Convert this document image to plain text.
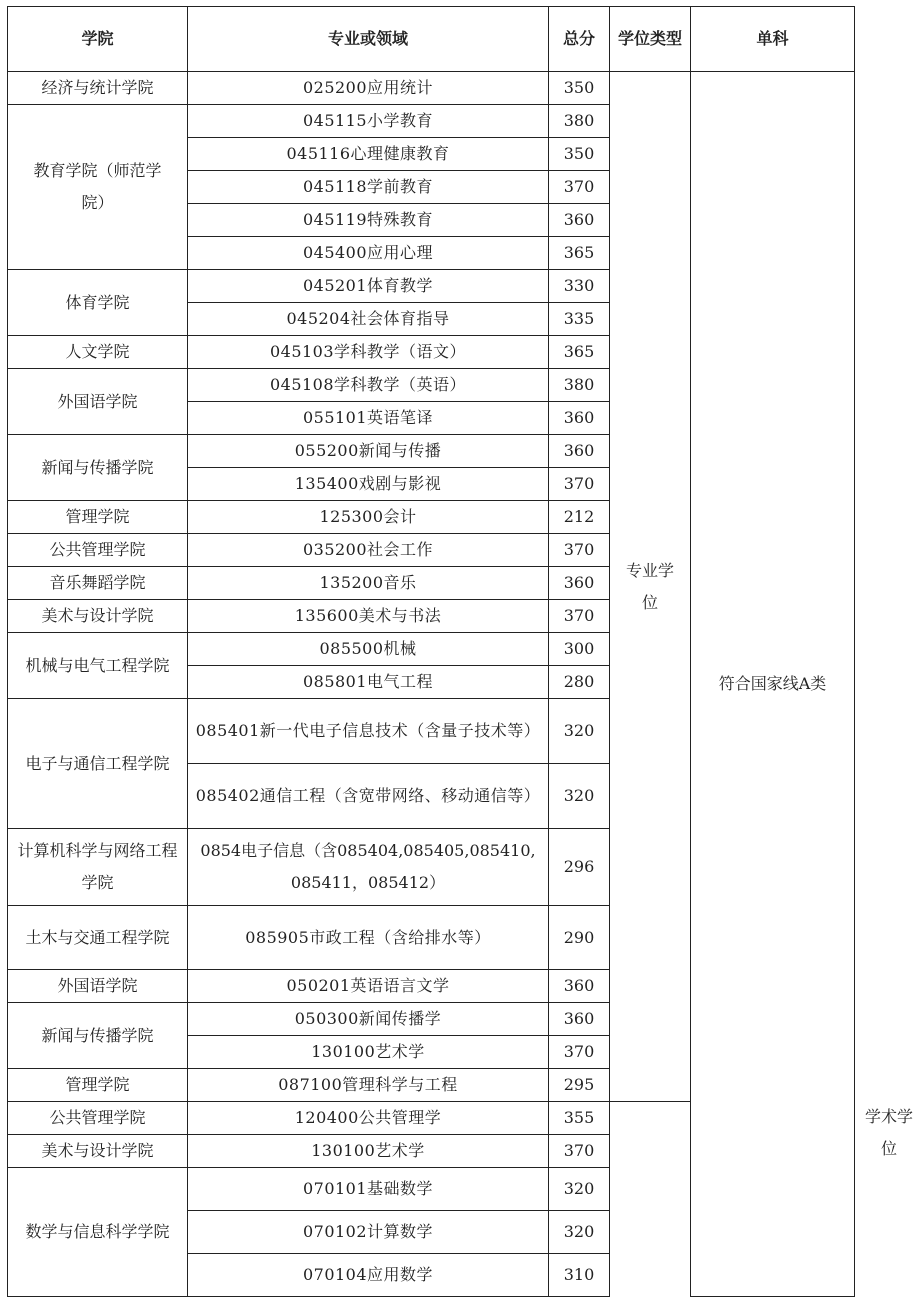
学院	专业或领域	总分	学位类型	单科	
经济与统计学院	025200应用统计	350	专业学位	符合国家线A类	
教育学院（师范学院）	045115小学教育	380			
	045116心理健康教育	350			
	045118学前教育	370			
	045119特殊教育	360			
	045400应用心理	365			
体育学院	045201体育教学	330			
	045204社会体育指导	335			
人文学院	045103学科教学（语文）	365			
外国语学院	045108学科教学（英语）	380			
	055101英语笔译	360			
新闻与传播学院	055200新闻与传播	360			
	135400戏剧与影视	370			
管理学院	125300会计	212			
公共管理学院	035200社会工作	370			
音乐舞蹈学院	135200音乐	360			
美术与设计学院	135600美术与书法	370			
机械与电气工程学院	085500机械	300			
	085801电气工程	280			
电子与通信工程学院	085401新一代电子信息技术（含量子技术等）	320			
	085402通信工程（含宽带网络、移动通信等）	320			
计算机科学与网络工程学院	0854电子信息（含085404,085405,085410,085411，085412）	296			
土木与交通工程学院	085905市政工程（含给排水等）	290			
外国语学院	050201英语语言文学	360			学术学位
新闻与传播学院	050300新闻传播学	360			
	130100艺术学	370			
管理学院	087100管理科学与工程	295			
公共管理学院	120400公共管理学	355			
美术与设计学院	130100艺术学	370			
数学与信息科学学院	070101基础数学	320			
	070102计算数学	320			
	070104应用数学	310			
